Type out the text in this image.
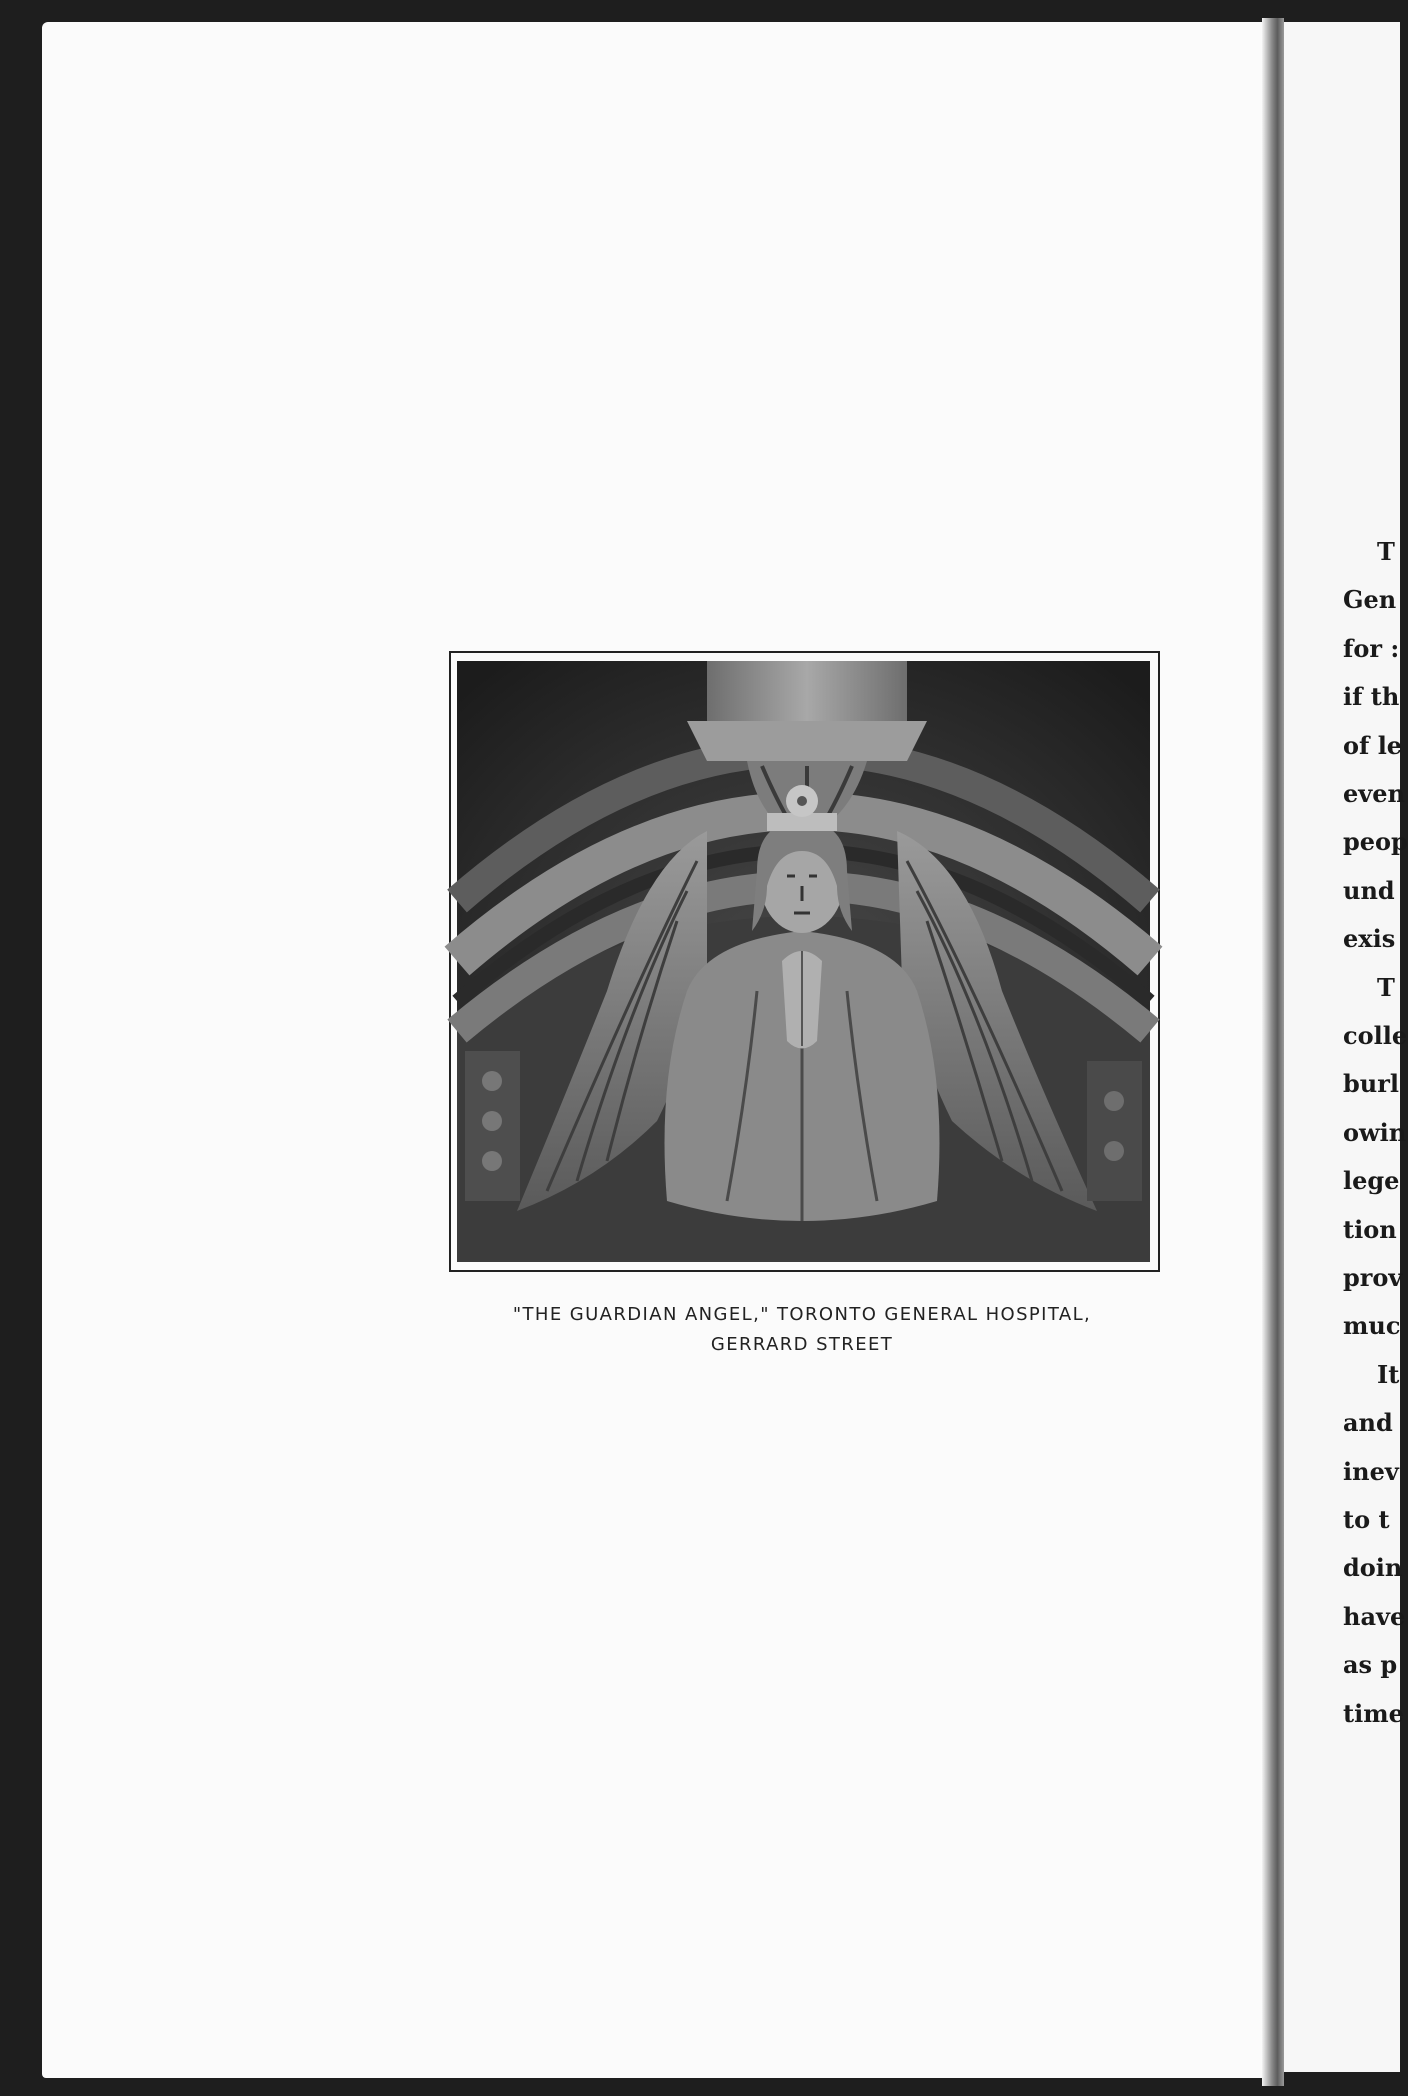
"THE GUARDIAN ANGEL," TORONTO GENERAL HOSPITAL,
GERRARD STREET
T
Gen
for :
if th
of le
even
peop
und
exis
T
colle
burl
owin
lege
tion
prov
muc
It
and
inev
to t
doin
have
as p
time
